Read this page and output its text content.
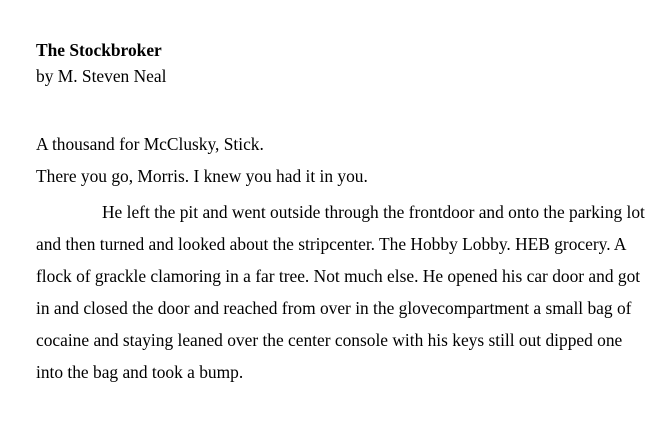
The Stockbroker
by M. Steven Neal
A thousand for McClusky, Stick.
There you go, Morris. I knew you had it in you.

He left the pit and went outside through the frontdoor and onto the parking lot and then turned and looked about the stripcenter. The Hobby Lobby. HEB grocery. A flock of grackle clamoring in a far tree. Not much else. He opened his car door and got in and closed the door and reached from over in the glovecompartment a small bag of cocaine and staying leaned over the center console with his keys still out dipped one into the bag and took a bump.
